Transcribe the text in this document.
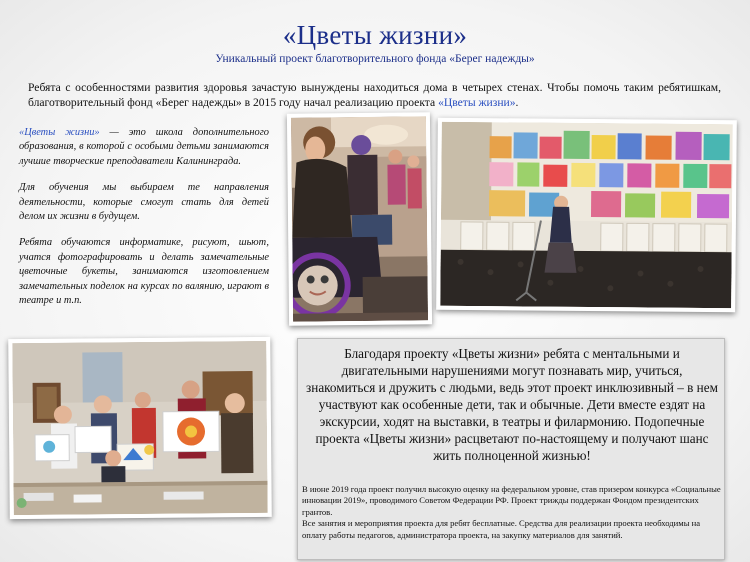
«Цветы жизни»
Уникальный проект благотворительного фонда «Берег надежды»
Ребята с особенностями развития здоровья зачастую вынуждены находиться дома в четырех стенах. Чтобы помочь таким ребятишкам, благотворительный фонд «Берег надежды» в 2015 году начал реализацию проекта «Цветы жизни».

«Цветы жизни» — это школа дополнительного образования, в которой с особыми детьми занимаются лучшие творческие преподаватели Калининграда.

Для обучения мы выбираем те направления деятельности, которые смогут стать для детей делом их жизни в будущем.

Ребята обучаются информатике, рисуют, шьют, учатся фотографировать и делать замечательные цветочные букеты, занимаются изготовлением замечательных поделок на курсах по валянию, играют в театре и т.п.

Благодаря проекту «Цветы жизни» ребята с ментальными и двигательными нарушениями могут познавать мир, учиться, знакомиться и дружить с людьми, ведь этот проект инклюзивный – в нем участвуют как особенные дети, так и обычные. Дети вместе ездят на экскурсии, ходят на выставки, в театры и филармонию. Подопечные проекта «Цветы жизни» расцветают по-настоящему и получают шанс жить полноценной жизнью!

В июне 2019 года проект получил высокую оценку на федеральном уровне, став призером конкурса «Социальные инновации 2019», проводимого Советом Федерации РФ. Проект трижды поддержан Фондом президентских грантов.

Все занятия и мероприятия проекта для ребят бесплатные. Средства для реализации проекта необходимы на оплату работы педагогов, администратора проекта, на закупку материалов для занятий.
